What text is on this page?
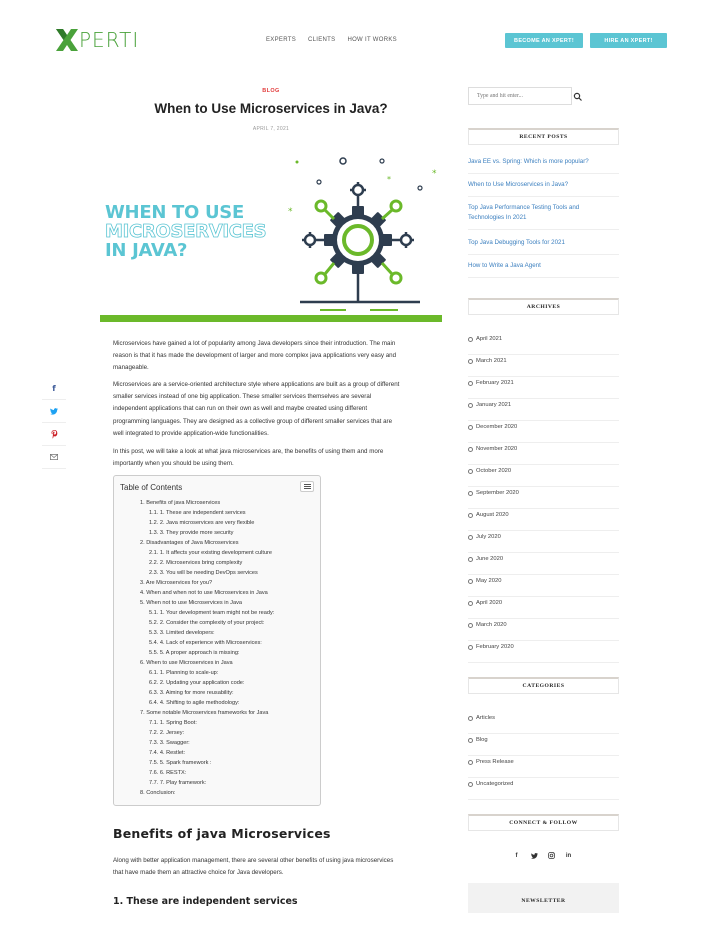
PERTI	EXPERTS CLIENTS HOW IT WORKS	BECOME AN XPERT!	HIRE AN XPERT!
BLOG
When to Use Microservices in Java?
APRIL 7, 2021
WHEN TO USE
MICROSERVICES
IN JAVA?
*
*
*
f
Microservices have gained a lot of popularity among Java developers since their introduction. The main
reason is that it has made the development of larger and more complex java applications very easy and
manageable.
Microservices are a service-oriented architecture style where applications are built as a group of different
smaller services instead of one big application. These smaller services themselves are several
independent applications that can run on their own as well and maybe created using different
programming languages. They are designed as a collective group of different smaller services that are
well integrated to provide application-wide functionalities.
In this post, we will take a look at what java microservices are, the benefits of using them and more
importantly when you should be using them.
Table of Contents
1. Benefits of java Microservices
1.1. 1. These are independent services
1.2. 2. Java microservices are very flexible
1.3. 3. They provide more security
2. Disadvantages of Java Microservices
2.1. 1. It affects your existing development culture
2.2. 2. Microservices bring complexity
2.3. 3. You will be needing DevOps services
3. Are Microservices for you?
4. When and when not to use Microservices in Java
5. When not to use Microservices in Java
5.1. 1. Your development team might not be ready:
5.2. 2. Consider the complexity of your project:
5.3. 3. Limited developers:
5.4. 4. Lack of experience with Microservices:
5.5. 5. A proper approach is missing:
6. When to use Microservices in Java
6.1. 1. Planning to scale-up:
6.2. 2. Updating your application code:
6.3. 3. Aiming for more reusability:
6.4. 4. Shifting to agile methodology:
7. Some notable Microservices frameworks for Java
7.1. 1. Spring Boot:
7.2. 2. Jersey:
7.3. 3. Swagger:
7.4. 4. Restlet:
7.5. 5. Spark framework :
7.6. 6. RESTX:
7.7. 7. Play framework:
8. Conclusion:
Benefits of java Microservices
Along with better application management, there are several other benefits of using java microservices
that have made them an attractive choice for Java developers.
1. These are independent services
Type and hit enter...
RECENT POSTS
Java EE vs. Spring: Which is more popular?
When to Use Microservices in Java?
Top Java Performance Testing Tools and
Technologies In 2021
Top Java Debugging Tools for 2021
How to Write a Java Agent
ARCHIVES
April 2021
March 2021
February 2021
January 2021
December 2020
November 2020
October 2020
September 2020
August 2020
July 2020
June 2020
May 2020
April 2020
March 2020
February 2020
CATEGORIES
Articles
Blog
Press Release
Uncategorized
CONNECT & FOLLOW
f	in
NEWSLETTER
